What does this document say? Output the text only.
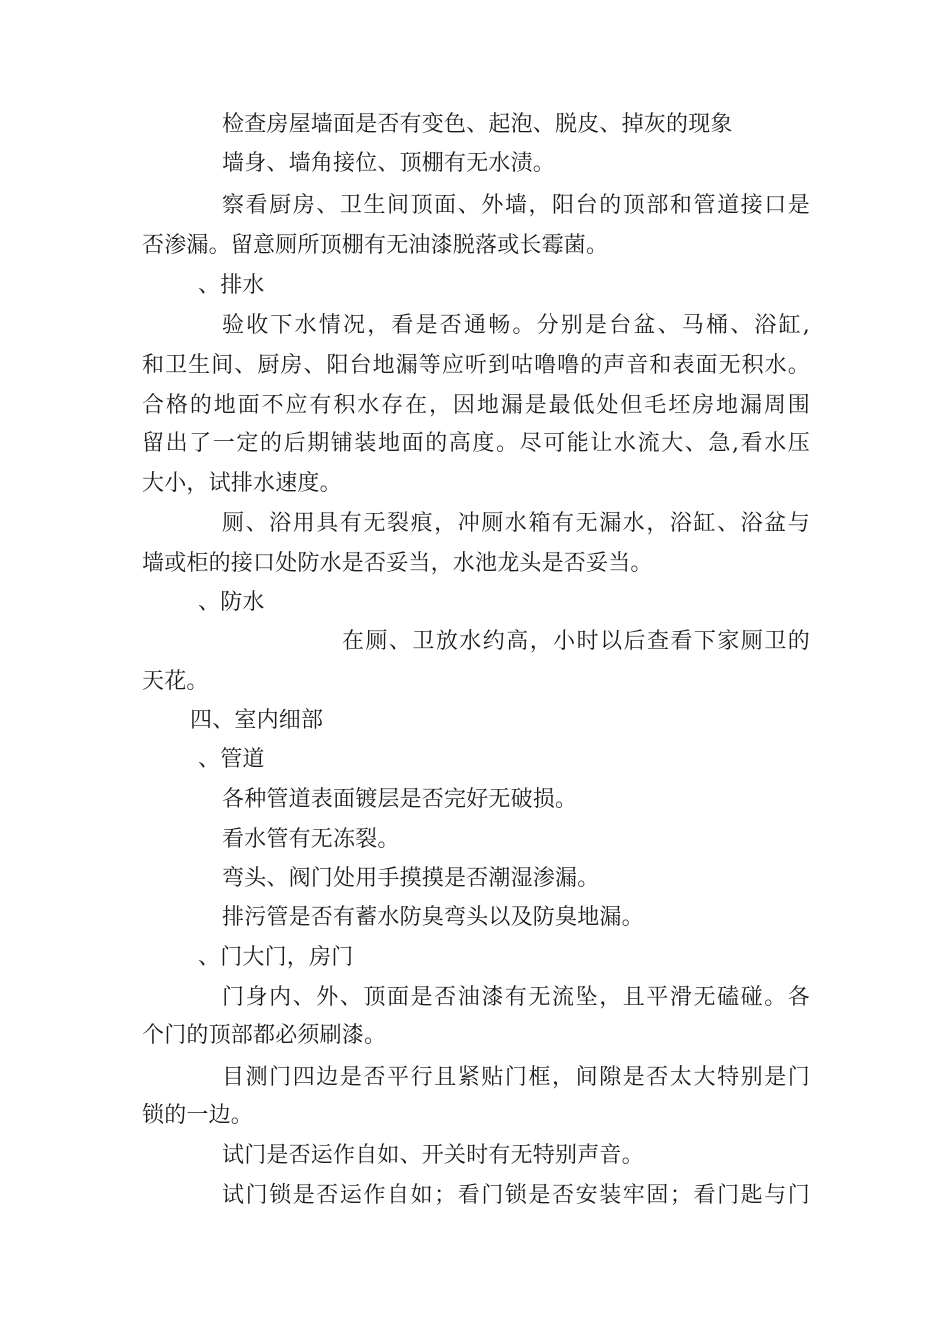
检查房屋墙面是否有变色、起泡、脱皮、掉灰的现象
墙身、墙角接位、顶棚有无水渍。
察看厨房、卫生间顶面、外墙，阳台的顶部和管道接口是
否渗漏。留意厕所顶棚有无油漆脱落或长霉菌。
、排水
验收下水情况，看是否通畅。分别是台盆、马桶、浴缸,
和卫生间、厨房、阳台地漏等应听到咕噜噜的声音和表面无积水。
合格的地面不应有积水存在，因地漏是最低处但毛坯房地漏周围
留出了一定的后期铺装地面的高度。尽可能让水流大、急,看水压
大小，试排水速度。
厕、浴用具有无裂痕，冲厕水箱有无漏水，浴缸、浴盆与
墙或柜的接口处防水是否妥当，水池龙头是否妥当。
、防水
在厕、卫放水约高，小时以后查看下家厕卫的
天花。
四、室内细部
、管道
各种管道表面镀层是否完好无破损。
看水管有无冻裂。
弯头、阀门处用手摸摸是否潮湿渗漏。
排污管是否有蓄水防臭弯头以及防臭地漏。
、门大门，房门
门身内、外、顶面是否油漆有无流坠，且平滑无磕碰。各
个门的顶部都必须刷漆。
目测门四边是否平行且紧贴门框，间隙是否太大特别是门
锁的一边。
试门是否运作自如、开关时有无特别声音。
试门锁是否运作自如；看门锁是否安装牢固；看门匙与门
